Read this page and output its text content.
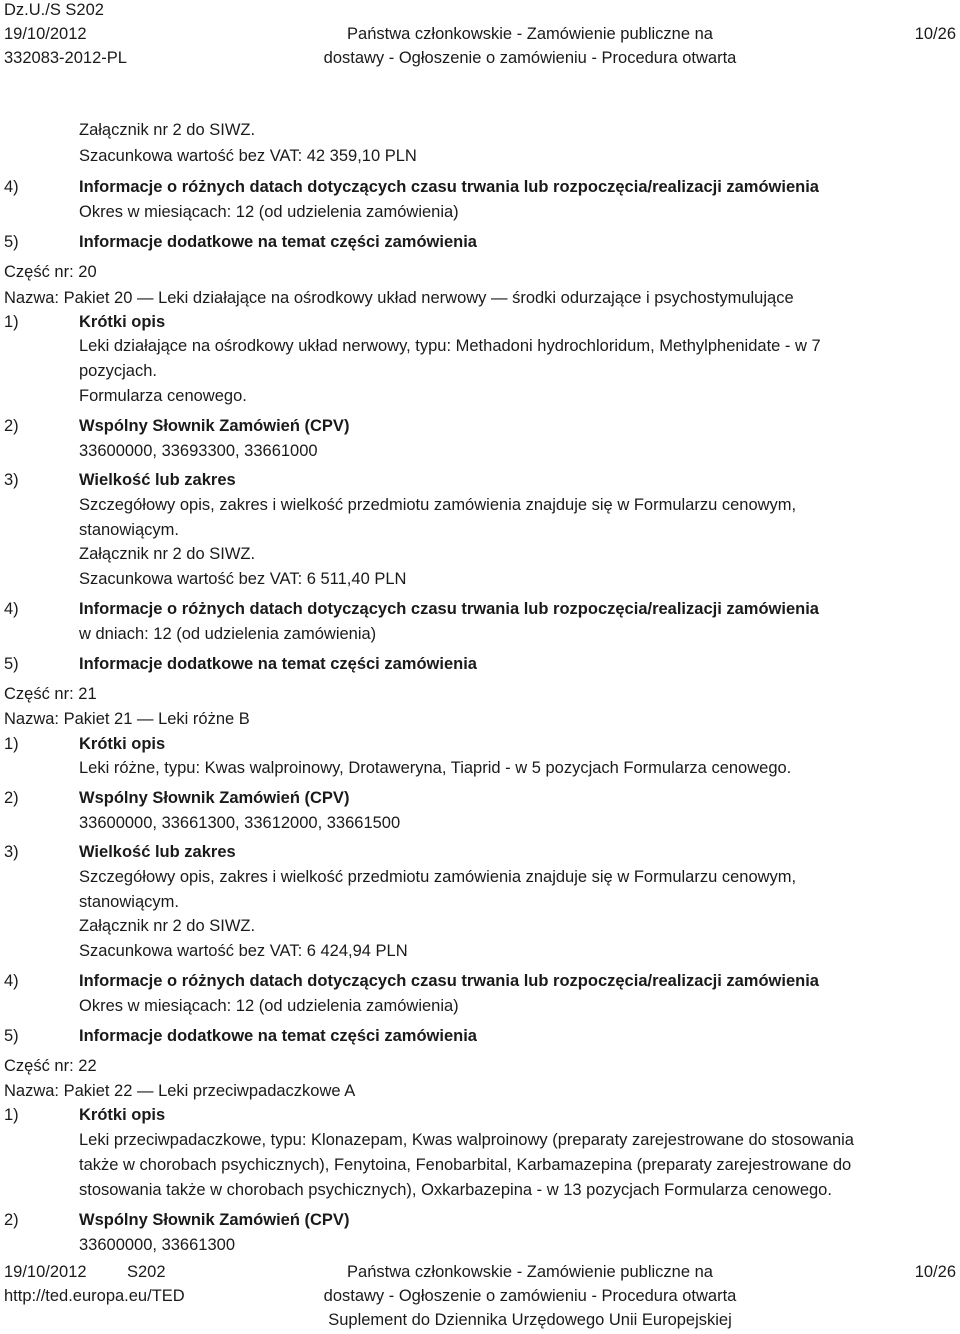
Dz.U./S S202
19/10/2012
332083-2012-PL
Państwa członkowskie - Zamówienie publiczne na
dostawy - Ogłoszenie o zamówieniu - Procedura otwarta
10/26
Załącznik nr 2 do SIWZ.
Szacunkowa wartość bez VAT: 42 359,10 PLN
4)	Informacje o różnych datach dotyczących czasu trwania lub rozpoczęcia/realizacji zamówienia
Okres w miesiącach: 12 (od udzielenia zamówienia)
5)	Informacje dodatkowe na temat części zamówienia
Część nr: 20
Nazwa: Pakiet 20 — Leki działające na ośrodkowy układ nerwowy — środki odurzające i psychostymulujące
1)	Krótki opis
Leki działające na ośrodkowy układ nerwowy, typu: Methadoni hydrochloridum, Methylphenidate - w 7
pozycjach.
Formularza cenowego.
2)	Wspólny Słownik Zamówień (CPV)
33600000, 33693300, 33661000
3)	Wielkość lub zakres
Szczegółowy opis, zakres i wielkość przedmiotu zamówienia znajduje się w Formularzu cenowym,
stanowiącym.
Załącznik nr 2 do SIWZ.
Szacunkowa wartość bez VAT: 6 511,40 PLN
4)	Informacje o różnych datach dotyczących czasu trwania lub rozpoczęcia/realizacji zamówienia
w dniach: 12 (od udzielenia zamówienia)
5)	Informacje dodatkowe na temat części zamówienia
Część nr: 21
Nazwa: Pakiet 21 — Leki różne B
1)	Krótki opis
Leki różne, typu: Kwas walproinowy, Drotaweryna, Tiaprid - w 5 pozycjach Formularza cenowego.
2)	Wspólny Słownik Zamówień (CPV)
33600000, 33661300, 33612000, 33661500
3)	Wielkość lub zakres
Szczegółowy opis, zakres i wielkość przedmiotu zamówienia znajduje się w Formularzu cenowym,
stanowiącym.
Załącznik nr 2 do SIWZ.
Szacunkowa wartość bez VAT: 6 424,94 PLN
4)	Informacje o różnych datach dotyczących czasu trwania lub rozpoczęcia/realizacji zamówienia
Okres w miesiącach: 12 (od udzielenia zamówienia)
5)	Informacje dodatkowe na temat części zamówienia
Część nr: 22
Nazwa: Pakiet 22 — Leki przeciwpadaczkowe A
1)	Krótki opis
Leki przeciwpadaczkowe, typu: Klonazepam, Kwas walproinowy (preparaty zarejestrowane do stosowania
także w chorobach psychicznych), Fenytoina, Fenobarbital, Karbamazepina (preparaty zarejestrowane do
stosowania także w chorobach psychicznych), Oxkarbazepina - w 13 pozycjach Formularza cenowego.
2)	Wspólny Słownik Zamówień (CPV)
33600000, 33661300
19/10/2012 S202
http://ted.europa.eu/TED
Państwa członkowskie - Zamówienie publiczne na
dostawy - Ogłoszenie o zamówieniu - Procedura otwarta
Suplement do Dziennika Urzędowego Unii Europejskiej
10/26
